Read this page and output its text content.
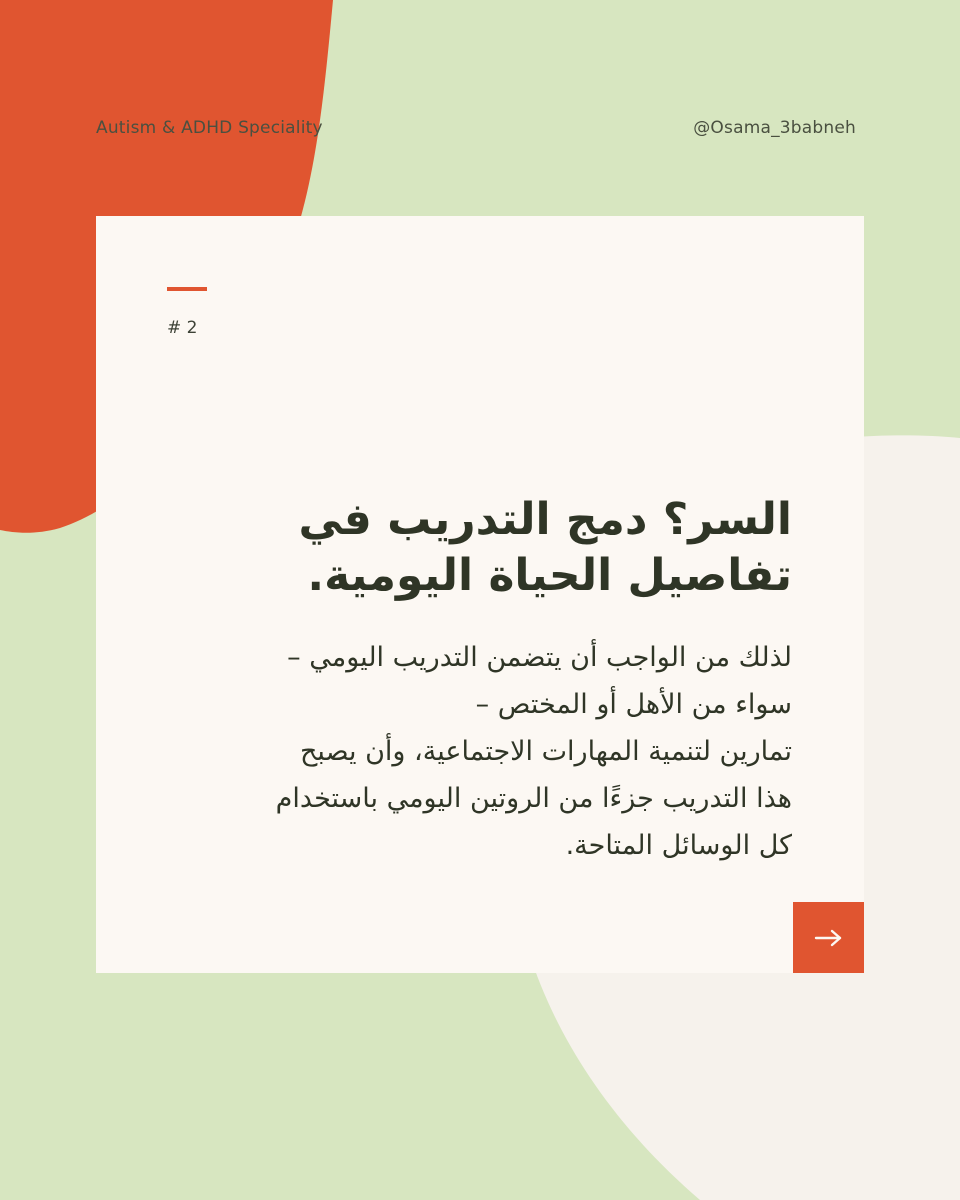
Autism & ADHD Speciality	@Osama_3babneh
# 2
السر؟ دمج التدريب في
تفاصيل الحياة اليومية.

لذلك من الواجب أن يتضمن التدريب اليومي –
سواء من الأهل أو المختص –
تمارين لتنمية المهارات الاجتماعية، وأن يصبح
هذا التدريب جزءًا من الروتين اليومي باستخدام
كل الوسائل المتاحة.
